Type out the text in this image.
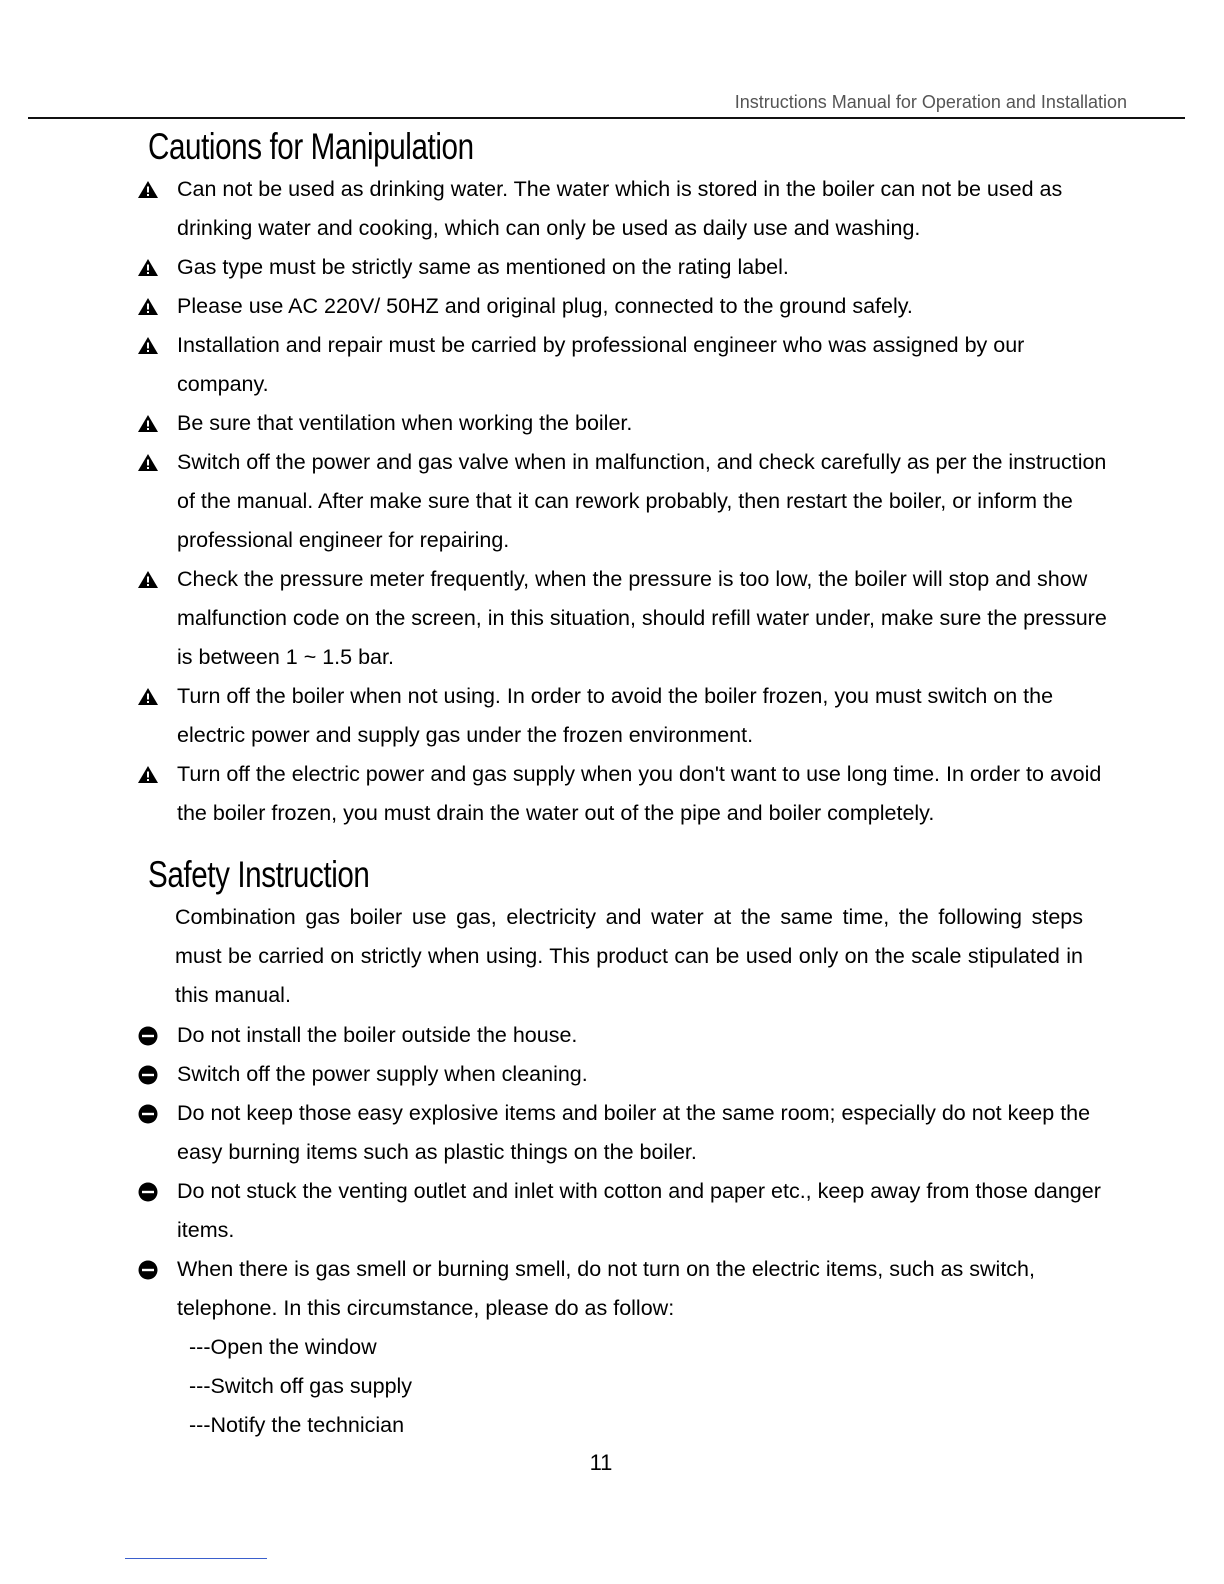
Instructions Manual for Operation and Installation
Cautions for Manipulation
Can not be used as drinking water. The water which is stored in the boiler can not be used as drinking water and cooking, which can only be used as daily use and washing.
Gas type must be strictly same as mentioned on the rating label.
Please use AC 220V/ 50HZ and original plug, connected to the ground safely.
Installation and repair must be carried by professional engineer who was assigned by our company.
Be sure that ventilation when working the boiler.
Switch off the power and gas valve when in malfunction, and check carefully as per the instruction of the manual. After make sure that it can rework probably, then restart the boiler, or inform the professional engineer for repairing.
Check the pressure meter frequently, when the pressure is too low, the boiler will stop and show malfunction code on the screen, in this situation, should refill water under, make sure the pressure is between 1 ~ 1.5 bar.
Turn off the boiler when not using. In order to avoid the boiler frozen, you must switch on the electric power and supply gas under the frozen environment.
Turn off the electric power and gas supply when you don't want to use long time. In order to avoid the boiler frozen, you must drain the water out of the pipe and boiler completely.
Safety Instruction

Combination gas boiler use gas, electricity and water at the same time, the following steps must be carried on strictly when using. This product can be used only on the scale stipulated in this manual.

Do not install the boiler outside the house.
Switch off the power supply when cleaning.
Do not keep those easy explosive items and boiler at the same room; especially do not keep the easy burning items such as plastic things on the boiler.
Do not stuck the venting outlet and inlet with cotton and paper etc., keep away from those danger items.
When there is gas smell or burning smell, do not turn on the electric items, such as switch, telephone. In this circumstance, please do as follow:
---Open the window
---Switch off gas supply
---Notify the technician
11
